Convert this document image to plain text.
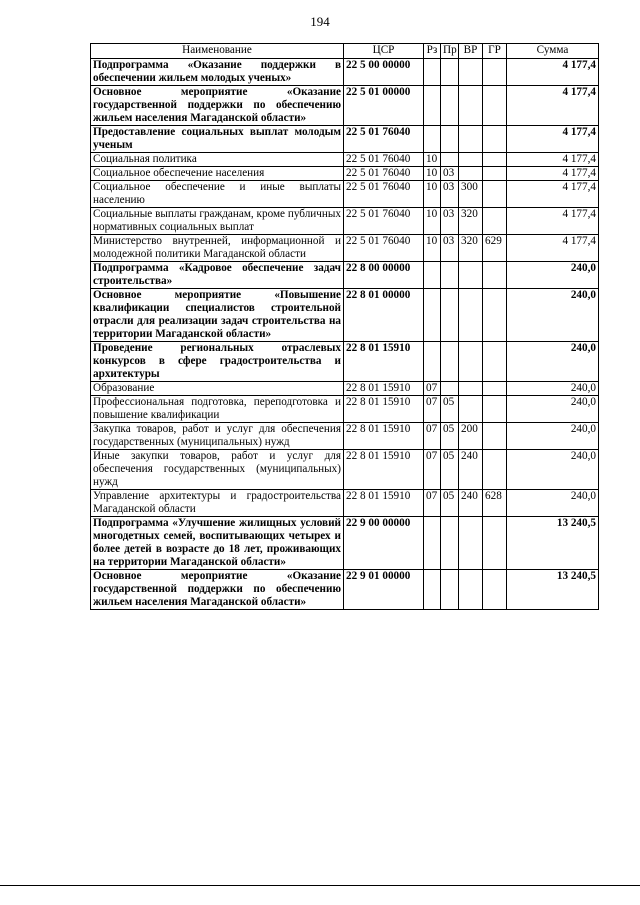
194
Наименование	ЦСР	Рз	Пр	ВР	ГР	Сумма
Подпрограмма «Оказание поддержки в обеспечении жильем молодых ученых»	22 5 00 00000					4 177,4
Основное мероприятие «Оказание государственной поддержки по обеспечению жильем населения Магаданской области»	22 5 01 00000					4 177,4
Предоставление социальных выплат молодым ученым	22 5 01 76040					4 177,4
Социальная политика	22 5 01 76040	10				4 177,4
Социальное обеспечение населения	22 5 01 76040	10	03			4 177,4
Социальное обеспечение и иные выплаты населению	22 5 01 76040	10	03	300		4 177,4
Социальные выплаты гражданам, кроме публичных нормативных социальных выплат	22 5 01 76040	10	03	320		4 177,4
Министерство внутренней, информационной и молодежной политики Магаданской области	22 5 01 76040	10	03	320	629	4 177,4
Подпрограмма «Кадровое обеспечение задач строительства»	22 8 00 00000					240,0
Основное мероприятие «Повышение квалификации специалистов строительной отрасли для реализации задач строительства на территории Магаданской области»	22 8 01 00000					240,0
Проведение региональных отраслевых конкурсов в сфере градостроительства и архитектуры	22 8 01 15910					240,0
Образование	22 8 01 15910	07				240,0
Профессиональная подготовка, переподготовка и повышение квалификации	22 8 01 15910	07	05			240,0
Закупка товаров, работ и услуг для обеспечения государственных (муниципальных) нужд	22 8 01 15910	07	05	200		240,0
Иные закупки товаров, работ и услуг для обеспечения государственных (муниципальных) нужд	22 8 01 15910	07	05	240		240,0
Управление архитектуры и градостроительства Магаданской области	22 8 01 15910	07	05	240	628	240,0
Подпрограмма «Улучшение жилищных условий многодетных семей, воспитывающих четырех и более детей в возрасте до 18 лет, проживающих на территории Магаданской области»	22 9 00 00000					13 240,5
Основное мероприятие «Оказание государственной поддержки по обеспечению жильем населения Магаданской области»	22 9 01 00000					13 240,5
